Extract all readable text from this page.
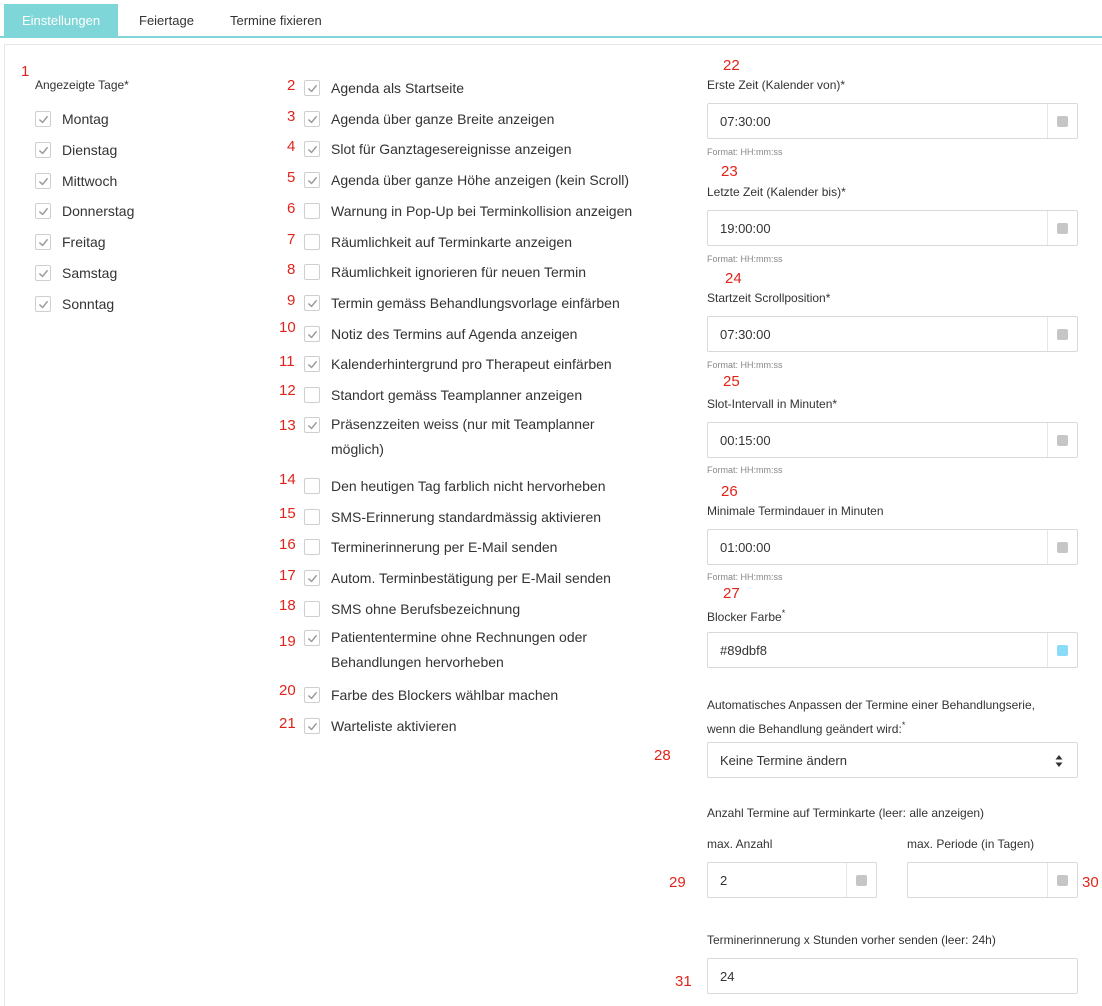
Einstellungen	Feiertage	Termine fixieren
1
Angezeigte Tage*
Montag
Dienstag
Mittwoch
Donnerstag
Freitag
Samstag
Sonntag
2	Agenda als Startseite
3	Agenda über ganze Breite anzeigen
4	Slot für Ganztagesereignisse anzeigen
5	Agenda über ganze Höhe anzeigen (kein Scroll)
6	Warnung in Pop-Up bei Terminkollision anzeigen
7	Räumlichkeit auf Terminkarte anzeigen
8	Räumlichkeit ignorieren für neuen Termin
9	Termin gemäss Behandlungsvorlage einfärben
10	Notiz des Termins auf Agenda anzeigen
11	Kalenderhintergrund pro Therapeut einfärben
12	Standort gemäss Teamplanner anzeigen
13	Präsenzzeiten weiss (nur mit Teamplanner möglich)
14	Den heutigen Tag farblich nicht hervorheben
15	SMS-Erinnerung standardmässig aktivieren
16	Terminerinnerung per E-Mail senden
17	Autom. Terminbestätigung per E-Mail senden
18	SMS ohne Berufsbezeichnung
19	Patiententermine ohne Rechnungen oder Behandlungen hervorheben
20	Farbe des Blockers wählbar machen
21	Warteliste aktivieren
22
Erste Zeit (Kalender von)*
07:30:00
Format: HH:mm:ss
23
Letzte Zeit (Kalender bis)*
19:00:00
Format: HH:mm:ss
24
Startzeit Scrollposition*
07:30:00
Format: HH:mm:ss
25
Slot-Intervall in Minuten*
00:15:00
Format: HH:mm:ss
26
Minimale Termindauer in Minuten
01:00:00
Format: HH:mm:ss
27
Blocker Farbe*
#89dbf8
Automatisches Anpassen der Termine einer Behandlungserie,
wenn die Behandlung geändert wird:*
28	Keine Termine ändern
Anzahl Termine auf Terminkarte (leer: alle anzeigen)
max. Anzahl	max. Periode (in Tagen)
29	2	30
Terminerinnerung x Stunden vorher senden (leer: 24h)
31	24
